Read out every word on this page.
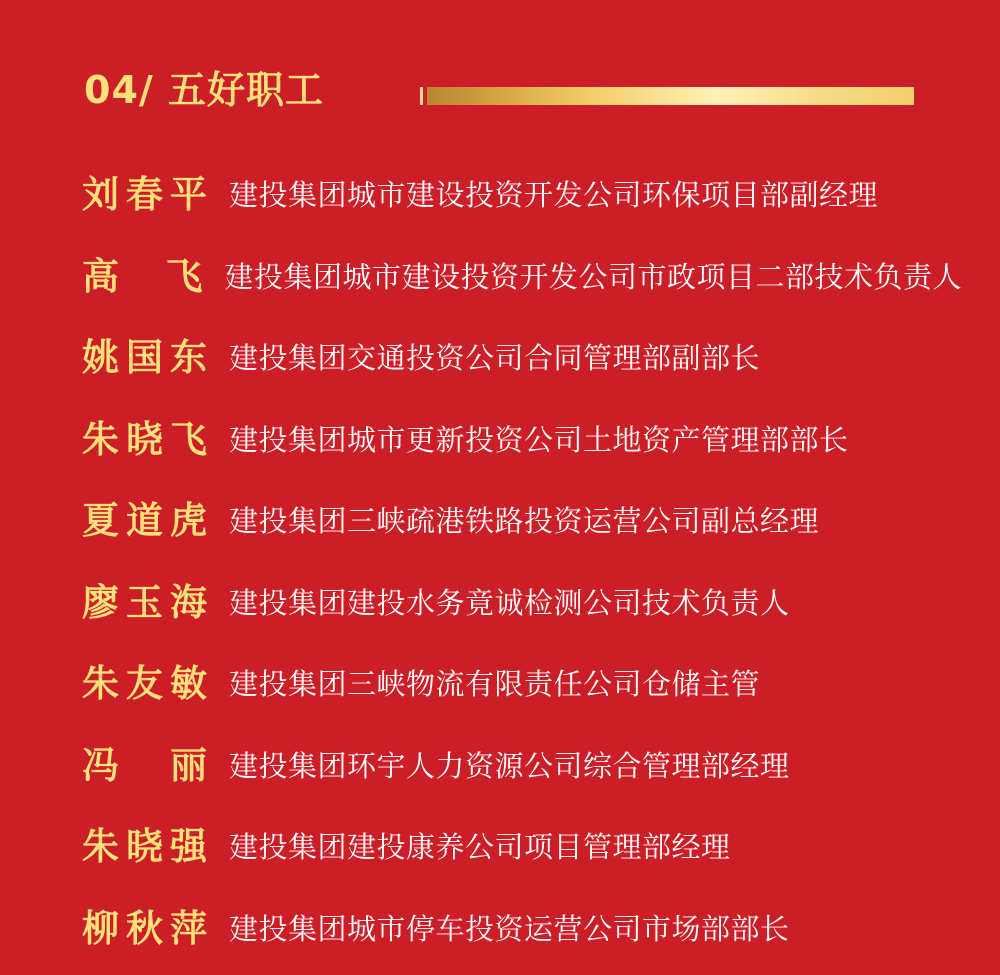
04/ 五好职工
刘春平 建投集团城市建设投资开发公司环保项目部副经理
高　飞 建投集团城市建设投资开发公司市政项目二部技术负责人
姚国东 建投集团交通投资公司合同管理部副部长
朱晓飞 建投集团城市更新投资公司土地资产管理部部长
夏道虎 建投集团三峡疏港铁路投资运营公司副总经理
廖玉海 建投集团建投水务竟诚检测公司技术负责人
朱友敏 建投集团三峡物流有限责任公司仓储主管
冯　丽 建投集团环宇人力资源公司综合管理部经理
朱晓强 建投集团建投康养公司项目管理部经理
柳秋萍 建投集团城市停车投资运营公司市场部部长
